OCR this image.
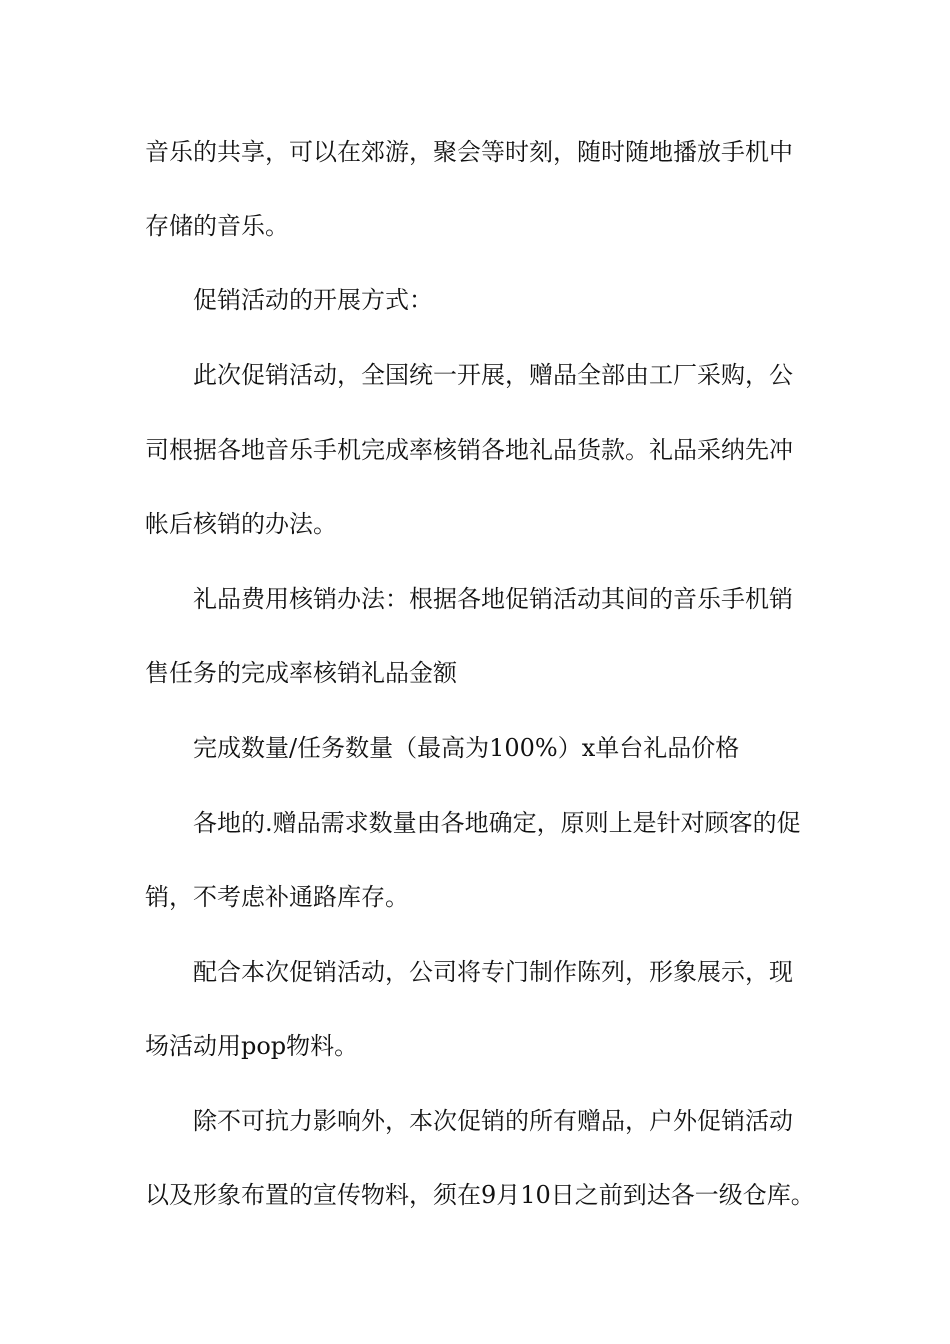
音乐的共享，可以在郊游，聚会等时刻，随时随地播放手机中
存储的音乐。
促销活动的开展方式：
此次促销活动，全国统一开展，赠品全部由工厂采购，公
司根据各地音乐手机完成率核销各地礼品货款。礼品采纳先冲
帐后核销的办法。
礼品费用核销办法：根据各地促销活动其间的音乐手机销
售任务的完成率核销礼品金额
完成数量/任务数量（最高为100%）x单台礼品价格
各地的.赠品需求数量由各地确定，原则上是针对顾客的促
销，不考虑补通路库存。
配合本次促销活动，公司将专门制作陈列，形象展示，现
场活动用pop物料。
除不可抗力影响外，本次促销的所有赠品，户外促销活动
以及形象布置的宣传物料，须在9月10日之前到达各一级仓库。
